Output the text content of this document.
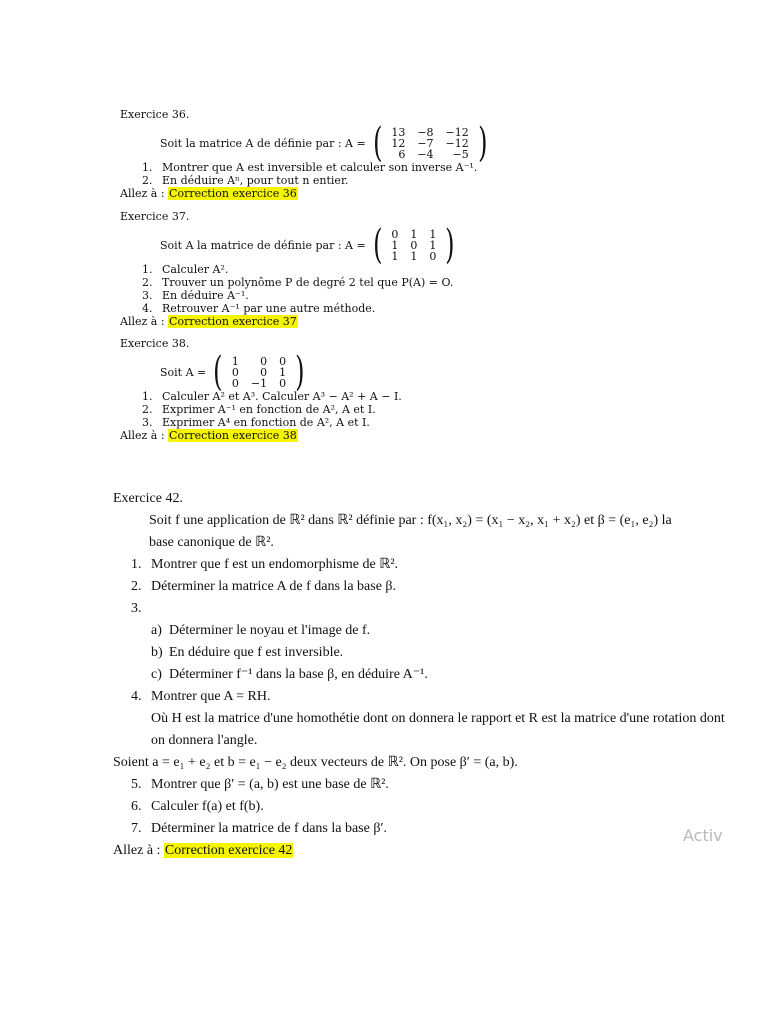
Exercice 36.
Soit la matrice A de définie par : A = ( 13	−8	−12
12	−7	−12
6	−4	−5 )
1. Montrer que A est inversible et calculer son inverse A⁻¹.
2. En déduire Aⁿ, pour tout n entier.
Allez à : Correction exercice 36
Exercice 37.
Soit A la matrice de définie par : A = ( 0	1	1
1	0	1
1	1	0 )
1. Calculer A².
2. Trouver un polynôme P de degré 2 tel que P(A) = O.
3. En déduire A⁻¹.
4. Retrouver A⁻¹ par une autre méthode.
Allez à : Correction exercice 37
Exercice 38.
Soit A = ( 1	0	0
0	0	1
0	−1	0 )
1. Calculer A² et A³. Calculer A³ − A² + A − I.
2. Exprimer A⁻¹ en fonction de A², A et I.
3. Exprimer A⁴ en fonction de A², A et I.
Allez à : Correction exercice 38
Exercice 42.
Soit f une application de ℝ² dans ℝ² définie par : f(x₁, x₂) = (x₁ − x₂, x₁ + x₂) et β = (e₁, e₂) la
base canonique de ℝ².
1. Montrer que f est un endomorphisme de ℝ².
2. Déterminer la matrice A de f dans la base β.
3.
a) Déterminer le noyau et l'image de f.
b) En déduire que f est inversible.
c) Déterminer f⁻¹ dans la base β, en déduire A⁻¹.
4. Montrer que A = RH.
Où H est la matrice d'une homothétie dont on donnera le rapport et R est la matrice d'une rotation dont
on donnera l'angle.
Soient a = e₁ + e₂ et b = e₁ − e₂ deux vecteurs de ℝ². On pose β′ = (a, b).
5. Montrer que β′ = (a, b) est une base de ℝ².
6. Calculer f(a) et f(b).
7. Déterminer la matrice de f dans la base β′.
Allez à : Correction exercice 42
Activ
